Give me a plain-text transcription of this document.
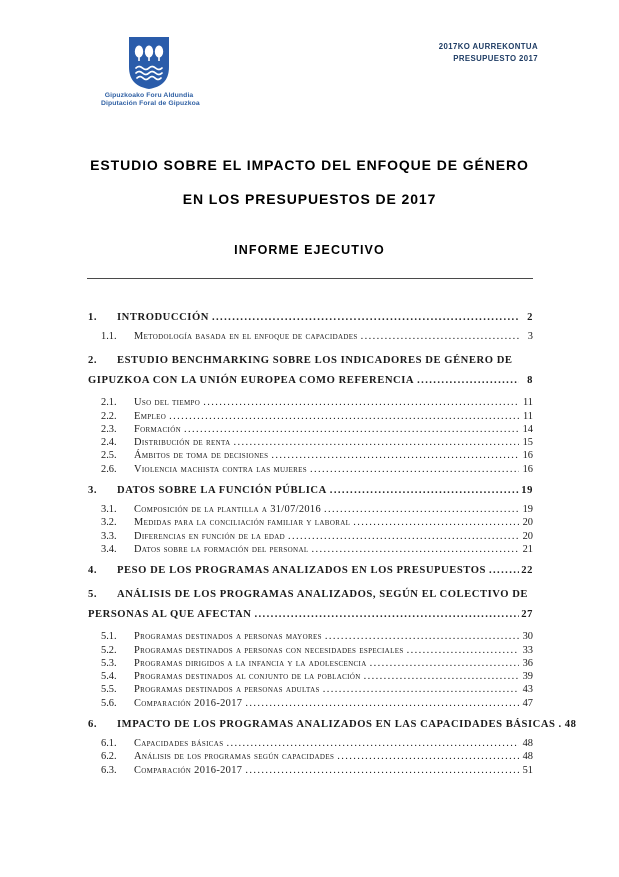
Gipuzkoako Foru Aldundia
Diputación Foral de Gipuzkoa
2017KO AURREKONTUA
PRESUPUESTO 2017
ESTUDIO SOBRE EL IMPACTO DEL ENFOQUE DE GÉNERO
EN LOS PRESUPUESTOS DE 2017
INFORME EJECUTIVO
1.	INTRODUCCIÓN .....	2
1.1.	Metodología basada en el enfoque de capacidades .....	3
2.	ESTUDIO BENCHMARKING SOBRE LOS INDICADORES DE GÉNERO DE
GIPUZKOA CON LA UNIÓN EUROPEA COMO REFERENCIA .....	8
2.1.	Uso del tiempo .....	11
2.2.	Empleo .....	11
2.3.	Formación .....	14
2.4.	Distribución de renta .....	15
2.5.	Ámbitos de toma de decisiones .....	16
2.6.	Violencia machista contra las mujeres .....	16
3.	DATOS SOBRE LA FUNCIÓN PÚBLICA .....	19
3.1.	Composición de la plantilla a 31/07/2016 .....	19
3.2.	Medidas para la conciliación familiar y laboral .....	20
3.3.	Diferencias en función de la edad .....	20
3.4.	Datos sobre la formación del personal .....	21
4.	PESO DE LOS PROGRAMAS ANALIZADOS EN LOS PRESUPUESTOS .....	22
5.	ANÁLISIS DE LOS PROGRAMAS ANALIZADOS, SEGÚN EL COLECTIVO DE
PERSONAS AL QUE AFECTAN .....	27
5.1.	Programas destinados a personas mayores .....	30
5.2.	Programas destinados a personas con necesidades especiales .....	33
5.3.	Programas dirigidos a la infancia y la adolescencia .....	36
5.4.	Programas destinados al conjunto de la población .....	39
5.5.	Programas destinados a personas adultas .....	43
5.6.	Comparación 2016-2017 .....	47
6.	IMPACTO DE LOS PROGRAMAS ANALIZADOS EN LAS CAPACIDADES BÁSICAS ..... 48
6.1.	Capacidades básicas .....	48
6.2.	Análisis de los programas según capacidades .....	48
6.3.	Comparación 2016-2017 .....	51
